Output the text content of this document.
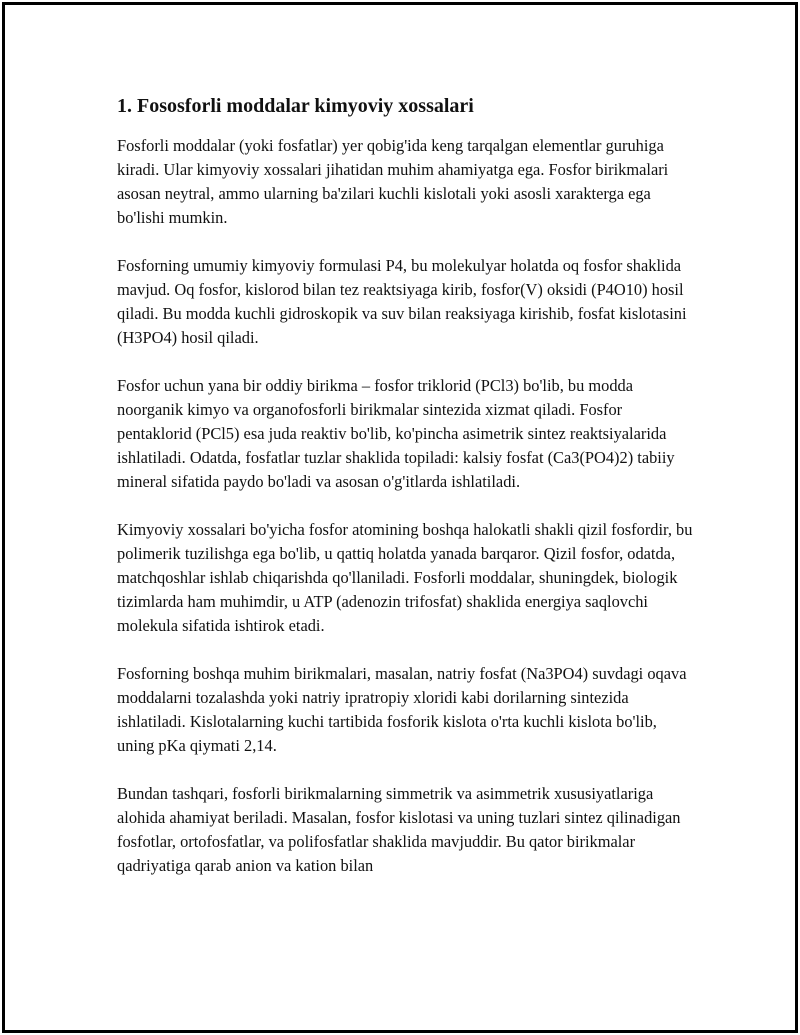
1. Fososforli moddalar kimyoviy xossalari

Fosforli moddalar (yoki fosfatlar) yer qobig'ida keng tarqalgan elementlar guruhiga kiradi. Ular kimyoviy xossalari jihatidan muhim ahamiyatga ega. Fosfor birikmalari asosan neytral, ammo ularning ba'zilari kuchli kislotali yoki asosli xarakterga ega bo'lishi mumkin.

Fosforning umumiy kimyoviy formulasi P4, bu molekulyar holatda oq fosfor shaklida mavjud. Oq fosfor, kislorod bilan tez reaktsiyaga kirib, fosfor(V) oksidi (P4O10) hosil qiladi. Bu modda kuchli gidroskopik va suv bilan reaksiyaga kirishib, fosfat kislotasini (H3PO4) hosil qiladi.

Fosfor uchun yana bir oddiy birikma – fosfor triklorid (PCl3) bo'lib, bu modda noorganik kimyo va organofosforli birikmalar sintezida xizmat qiladi. Fosfor pentaklorid (PCl5) esa juda reaktiv bo'lib, ko'pincha asimetrik sintez reaktsiyalarida ishlatiladi. Odatda, fosfatlar tuzlar shaklida topiladi: kalsiy fosfat (Ca3(PO4)2) tabiiy mineral sifatida paydo bo'ladi va asosan o'g'itlarda ishlatiladi.

Kimyoviy xossalari bo'yicha fosfor atomining boshqa halokatli shakli qizil fosfordir, bu polimerik tuzilishga ega bo'lib, u qattiq holatda yanada barqaror. Qizil fosfor, odatda, matchqoshlar ishlab chiqarishda qo'llaniladi. Fosforli moddalar, shuningdek, biologik tizimlarda ham muhimdir, u ATP (adenozin trifosfat) shaklida energiya saqlovchi molekula sifatida ishtirok etadi.

Fosforning boshqa muhim birikmalari, masalan, natriy fosfat (Na3PO4) suvdagi oqava moddalarni tozalashda yoki natriy ipratropiy xloridi kabi dorilarning sintezida ishlatiladi. Kislotalarning kuchi tartibida fosforik kislota o'rta kuchli kislota bo'lib, uning pKa qiymati 2,14.

Bundan tashqari, fosforli birikmalarning simmetrik va asimmetrik xususiyatlariga alohida ahamiyat beriladi. Masalan, fosfor kislotasi va uning tuzlari sintez qilinadigan fosfotlar, ortofosfatlar, va polifosfatlar shaklida mavjuddir. Bu qator birikmalar qadriyatiga qarab anion va kation bilan
